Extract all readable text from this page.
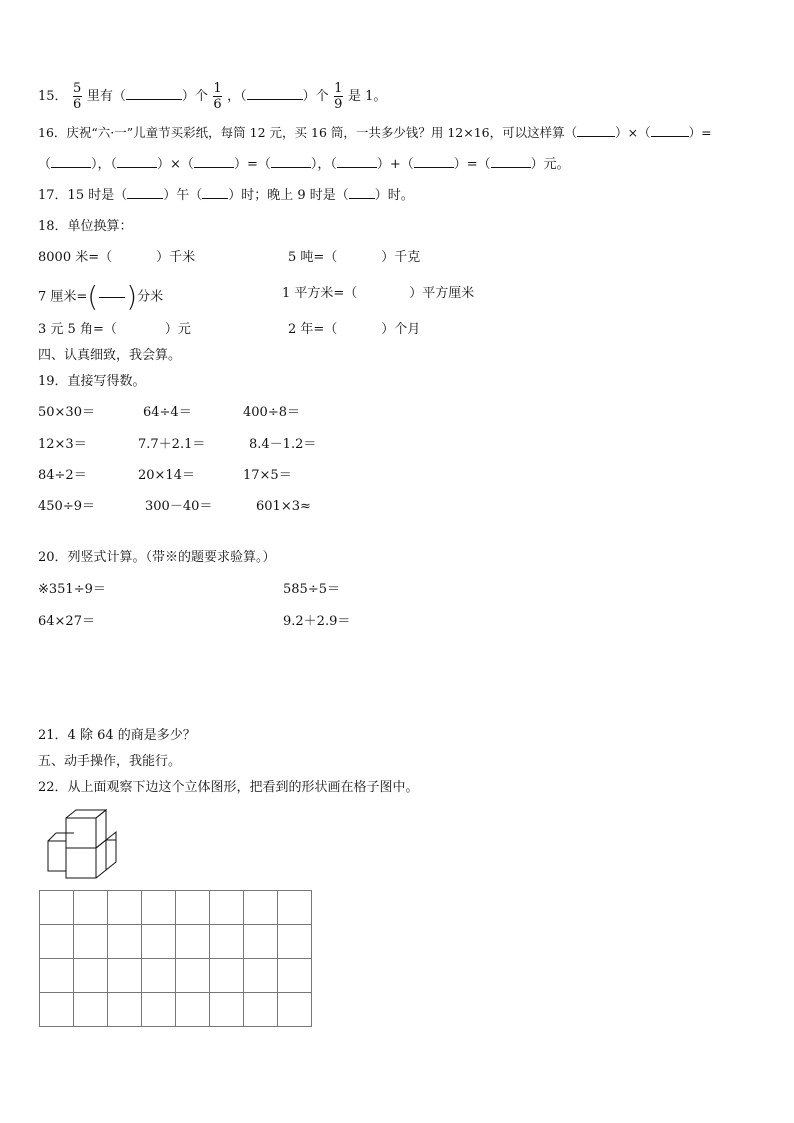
15． $\frac{5}{6}$ 里有（	）个 $\frac{1}{6}$ ，（	）个 $\frac{1}{9}$ 是 1。
16．庆祝“六·一”儿童节买彩纸，每筒 12 元，买 16 筒，一共多少钱？用 12×16，可以这样算（	）×（	）=
（	），（	）×（	）=（	），（	）+（	）=（	）元。
17．15 时是（	）午（ ）时；晚上 9 时是（ ）时。
18．单位换算：
8000 米=（	）千米	5 吨=（	）千克
7 厘米= ( ) 分米	1 平方米=（	）平方厘米
3 元 5 角=（	）元	2 年=（	）个月
四、认真细致，我会算。
19．直接写得数。
50×30＝	64÷4＝	400÷8＝
12×3＝	7.7＋2.1＝	8.4－1.2＝
84÷2＝	20×14＝	17×5＝
450÷9＝	300－40＝	601×3≈
20．列竖式计算。（带※的题要求验算。）
※351÷9＝	585÷5＝
64×27＝	9.2＋2.9＝
21．4 除 64 的商是多少？
五、动手操作，我能行。
22．从上面观察下边这个立体图形，把看到的形状画在格子图中。
